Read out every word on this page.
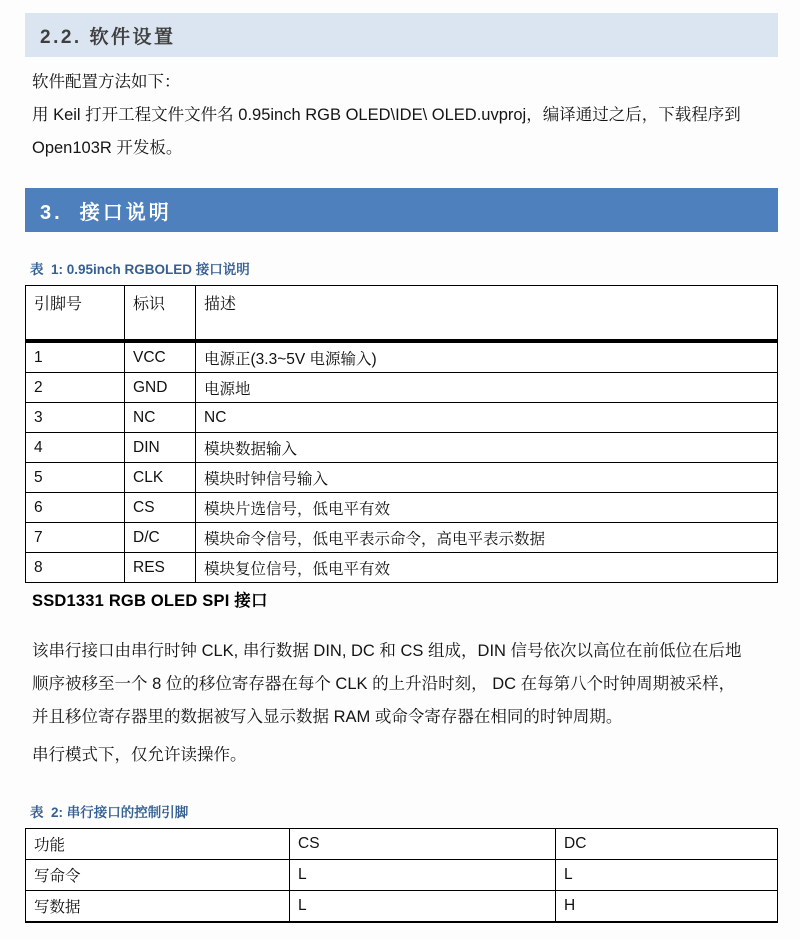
2.2. 软件设置
软件配置方法如下：
用 Keil 打开工程文件文件名 0.95inch RGB OLED\IDE\ OLED.uvproj，编译通过之后，下载程序到
Open103R 开发板。
3.  接口说明
表  1: 0.95inch RGBOLED 接口说明
引脚号	标识	描述
1	VCC	电源正(3.3~5V 电源输入)
2	GND	电源地
3	NC	NC
4	DIN	模块数据输入
5	CLK	模块时钟信号输入
6	CS	模块片选信号，低电平有效
7	D/C	模块命令信号，低电平表示命令，高电平表示数据
8	RES	模块复位信号，低电平有效
SSD1331 RGB OLED SPI 接口
该串行接口由串行时钟 CLK, 串行数据 DIN, DC 和 CS 组成，DIN 信号依次以高位在前低位在后地
顺序被移至一个 8 位的移位寄存器在每个 CLK 的上升沿时刻， DC 在每第八个时钟周期被采样，
并且移位寄存器里的数据被写入显示数据 RAM 或命令寄存器在相同的时钟周期。
串行模式下，仅允许读操作。
表  2: 串行接口的控制引脚
功能	CS	DC
写命令	L	L
写数据	L	H
